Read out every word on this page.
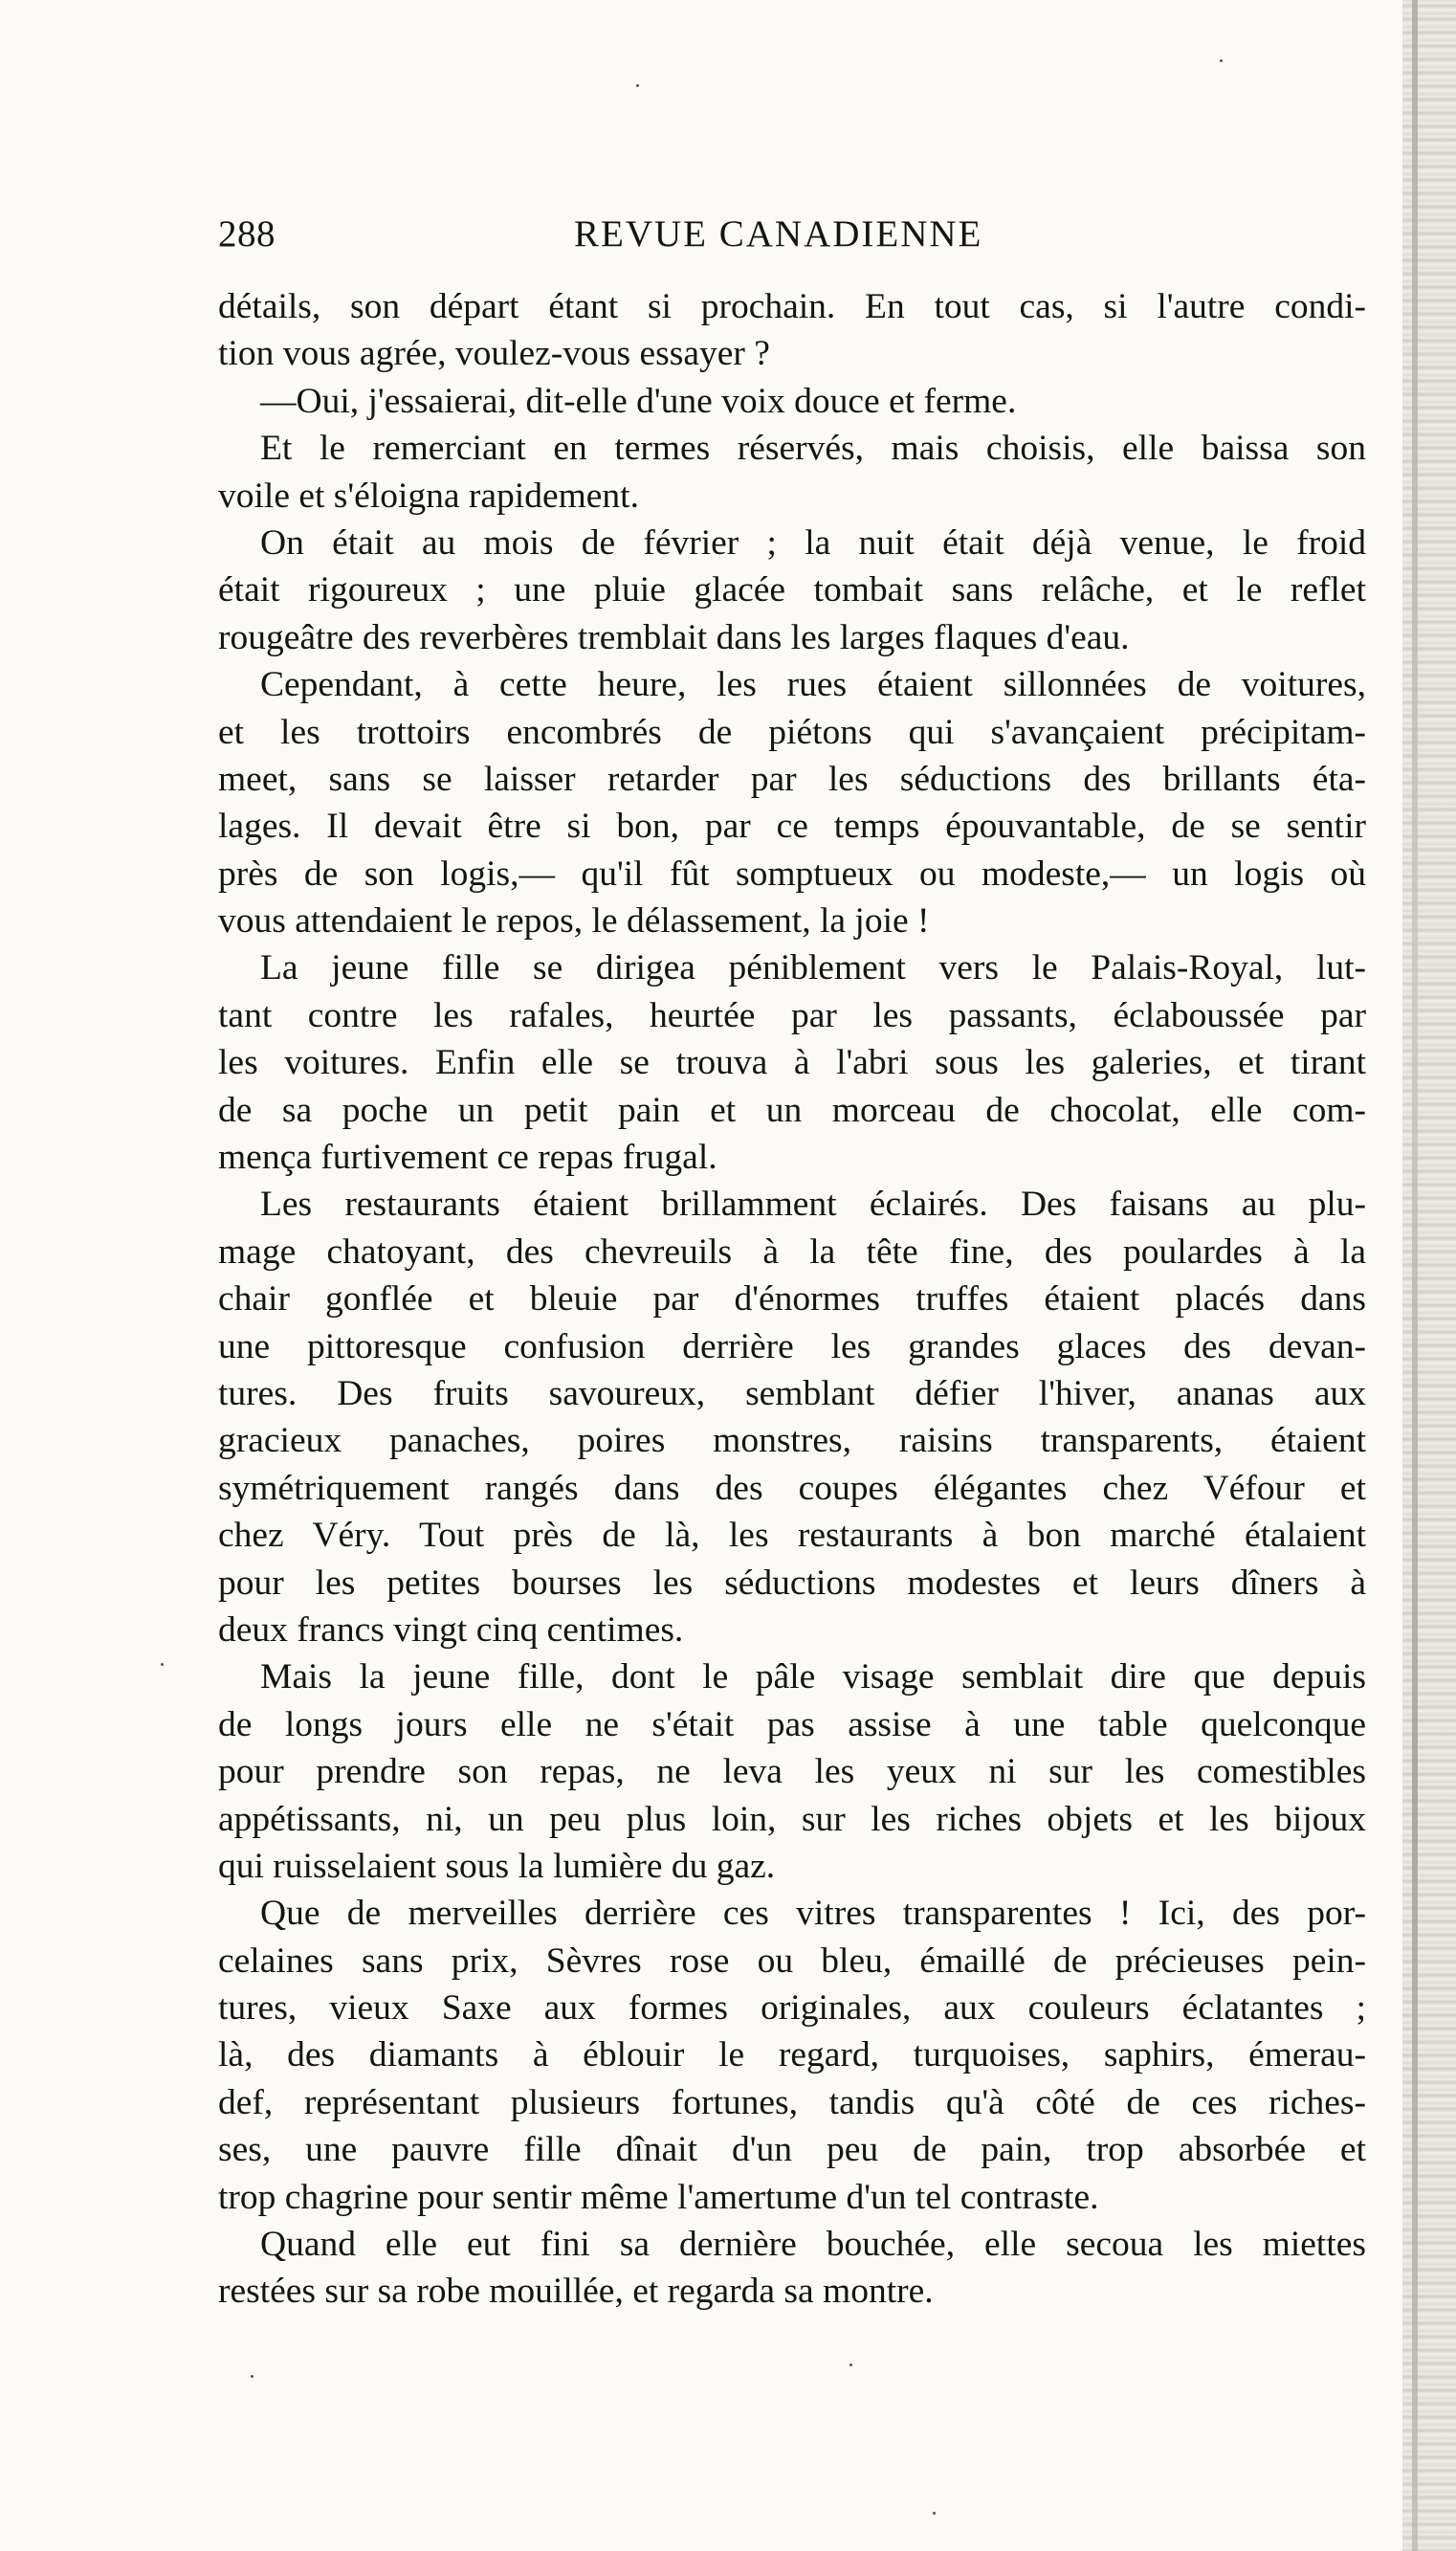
288	REVUE CANADIENNE
détails, son départ étant si prochain. En tout cas, si l'autre condi-
tion vous agrée, voulez-vous essayer ?
—Oui, j'essaierai, dit-elle d'une voix douce et ferme.
Et le remerciant en termes réservés, mais choisis, elle baissa son
voile et s'éloigna rapidement.
On était au mois de février ; la nuit était déjà venue, le froid
était rigoureux ; une pluie glacée tombait sans relâche, et le reflet
rougeâtre des reverbères tremblait dans les larges flaques d'eau.
Cependant, à cette heure, les rues étaient sillonnées de voitures,
et les trottoirs encombrés de piétons qui s'avançaient précipitam-
meet, sans se laisser retarder par les séductions des brillants éta-
lages. Il devait être si bon, par ce temps épouvantable, de se sentir
près de son logis,— qu'il fût somptueux ou modeste,— un logis où
vous attendaient le repos, le délassement, la joie !
La jeune fille se dirigea péniblement vers le Palais-Royal, lut-
tant contre les rafales, heurtée par les passants, éclaboussée par
les voitures. Enfin elle se trouva à l'abri sous les galeries, et tirant
de sa poche un petit pain et un morceau de chocolat, elle com-
mença furtivement ce repas frugal.
Les restaurants étaient brillamment éclairés. Des faisans au plu-
mage chatoyant, des chevreuils à la tête fine, des poulardes à la
chair gonflée et bleuie par d'énormes truffes étaient placés dans
une pittoresque confusion derrière les grandes glaces des devan-
tures. Des fruits savoureux, semblant défier l'hiver, ananas aux
gracieux panaches, poires monstres, raisins transparents, étaient
symétriquement rangés dans des coupes élégantes chez Véfour et
chez Véry. Tout près de là, les restaurants à bon marché étalaient
pour les petites bourses les séductions modestes et leurs dîners à
deux francs vingt cinq centimes.
Mais la jeune fille, dont le pâle visage semblait dire que depuis
de longs jours elle ne s'était pas assise à une table quelconque
pour prendre son repas, ne leva les yeux ni sur les comestibles
appétissants, ni, un peu plus loin, sur les riches objets et les bijoux
qui ruisselaient sous la lumière du gaz.
Que de merveilles derrière ces vitres transparentes ! Ici, des por-
celaines sans prix, Sèvres rose ou bleu, émaillé de précieuses pein-
tures, vieux Saxe aux formes originales, aux couleurs éclatantes ;
là, des diamants à éblouir le regard, turquoises, saphirs, émerau-
def, représentant plusieurs fortunes, tandis qu'à côté de ces riches-
ses, une pauvre fille dînait d'un peu de pain, trop absorbée et
trop chagrine pour sentir même l'amertume d'un tel contraste.
Quand elle eut fini sa dernière bouchée, elle secoua les miettes
restées sur sa robe mouillée, et regarda sa montre.
